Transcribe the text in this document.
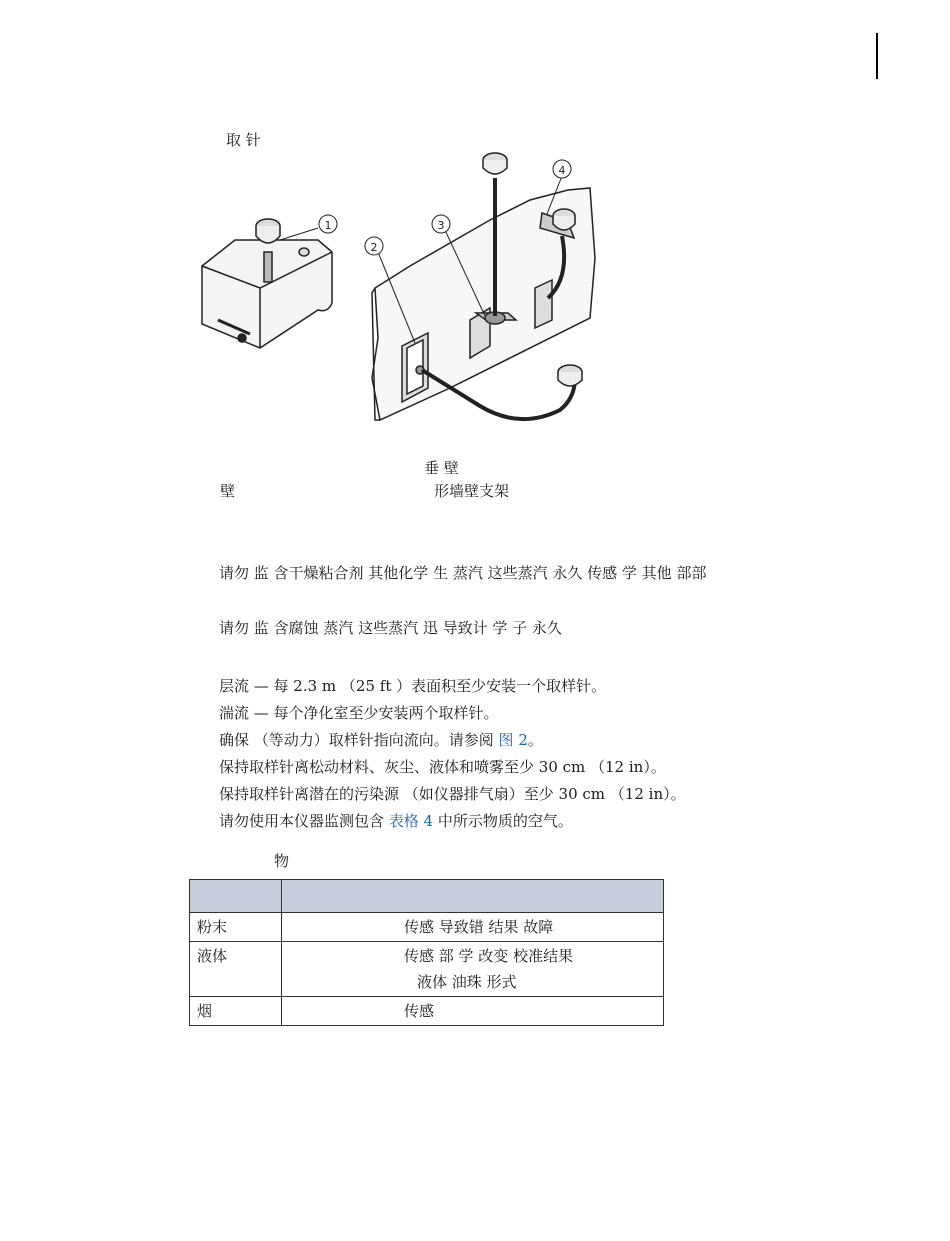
取 针
1
2
3
4
垂 壁
壁	形墙壁支架
请勿 监 含干燥粘合剂 其他化学 生 蒸汽 这些蒸汽 永久 传感 学 其他 部部
请勿 监 含腐蚀 蒸汽 这些蒸汽 迅 导致计 学 子 永久

层流 — 每 2.3 m （25 ft ）表面积至少安装一个取样针。

湍流 — 每个净化室至少安装两个取样针。

确保 （等动力）取样针指向流向。请参阅 图 2。

保持取样针离松动材料、灰尘、液体和喷雾至少 30 cm （12 in）。

保持取样针离潜在的污染源 （如仪器排气扇）至少 30 cm （12 in）。

请勿使用本仪器监测包含 表格 4 中所示物质的空气。

物

粉末	传感 导致错 结果 故障

液体	传感 部 学 改变 校准结果
液体 油珠 形式

烟	传感
